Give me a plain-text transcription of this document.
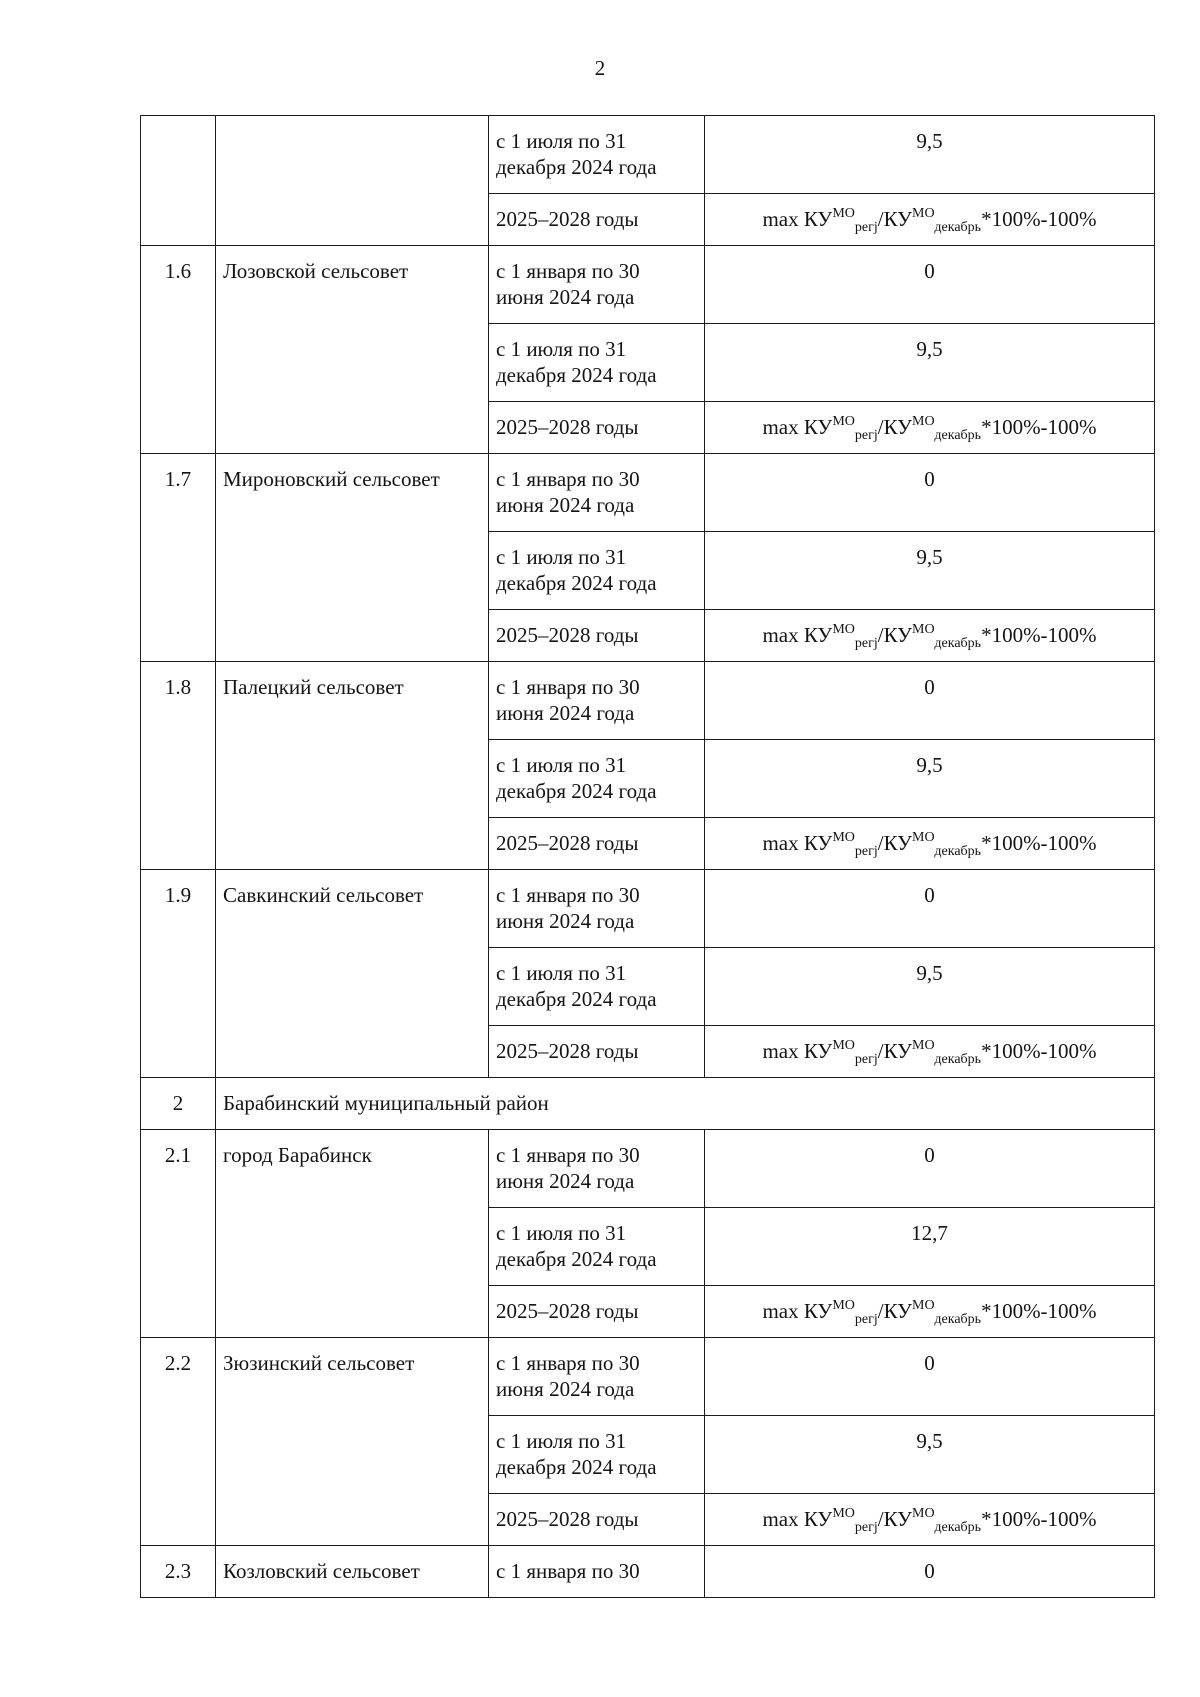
2
		с 1 июля по 31
декабря 2024 года	9,5
		2025–2028 годы	$\max КУ^{МО}_{регj}/КУ^{МО}_{декабрь}*100\%-100\%$
1.6	Лозовской сельсовет	с 1 января по 30
июня 2024 года	0
		с 1 июля по 31
декабря 2024 года	9,5
		2025–2028 годы	$\max КУ^{МО}_{регj}/КУ^{МО}_{декабрь}*100\%-100\%$
1.7	Мироновский сельсовет	с 1 января по 30
июня 2024 года	0
		с 1 июля по 31
декабря 2024 года	9,5
		2025–2028 годы	$\max КУ^{МО}_{регj}/КУ^{МО}_{декабрь}*100\%-100\%$
1.8	Палецкий сельсовет	с 1 января по 30
июня 2024 года	0
		с 1 июля по 31
декабря 2024 года	9,5
		2025–2028 годы	$\max КУ^{МО}_{регj}/КУ^{МО}_{декабрь}*100\%-100\%$
1.9	Савкинский сельсовет	с 1 января по 30
июня 2024 года	0
		с 1 июля по 31
декабря 2024 года	9,5
		2025–2028 годы	$\max КУ^{МО}_{регj}/КУ^{МО}_{декабрь}*100\%-100\%$
2	Барабинский муниципальный район		
2.1	город Барабинск	с 1 января по 30
июня 2024 года	0
		с 1 июля по 31
декабря 2024 года	12,7
		2025–2028 годы	$\max КУ^{МО}_{регj}/КУ^{МО}_{декабрь}*100\%-100\%$
2.2	Зюзинский сельсовет	с 1 января по 30
июня 2024 года	0
		с 1 июля по 31
декабря 2024 года	9,5
		2025–2028 годы	$\max КУ^{МО}_{регj}/КУ^{МО}_{декабрь}*100\%-100\%$
2.3	Козловский сельсовет	с 1 января по 30	0
